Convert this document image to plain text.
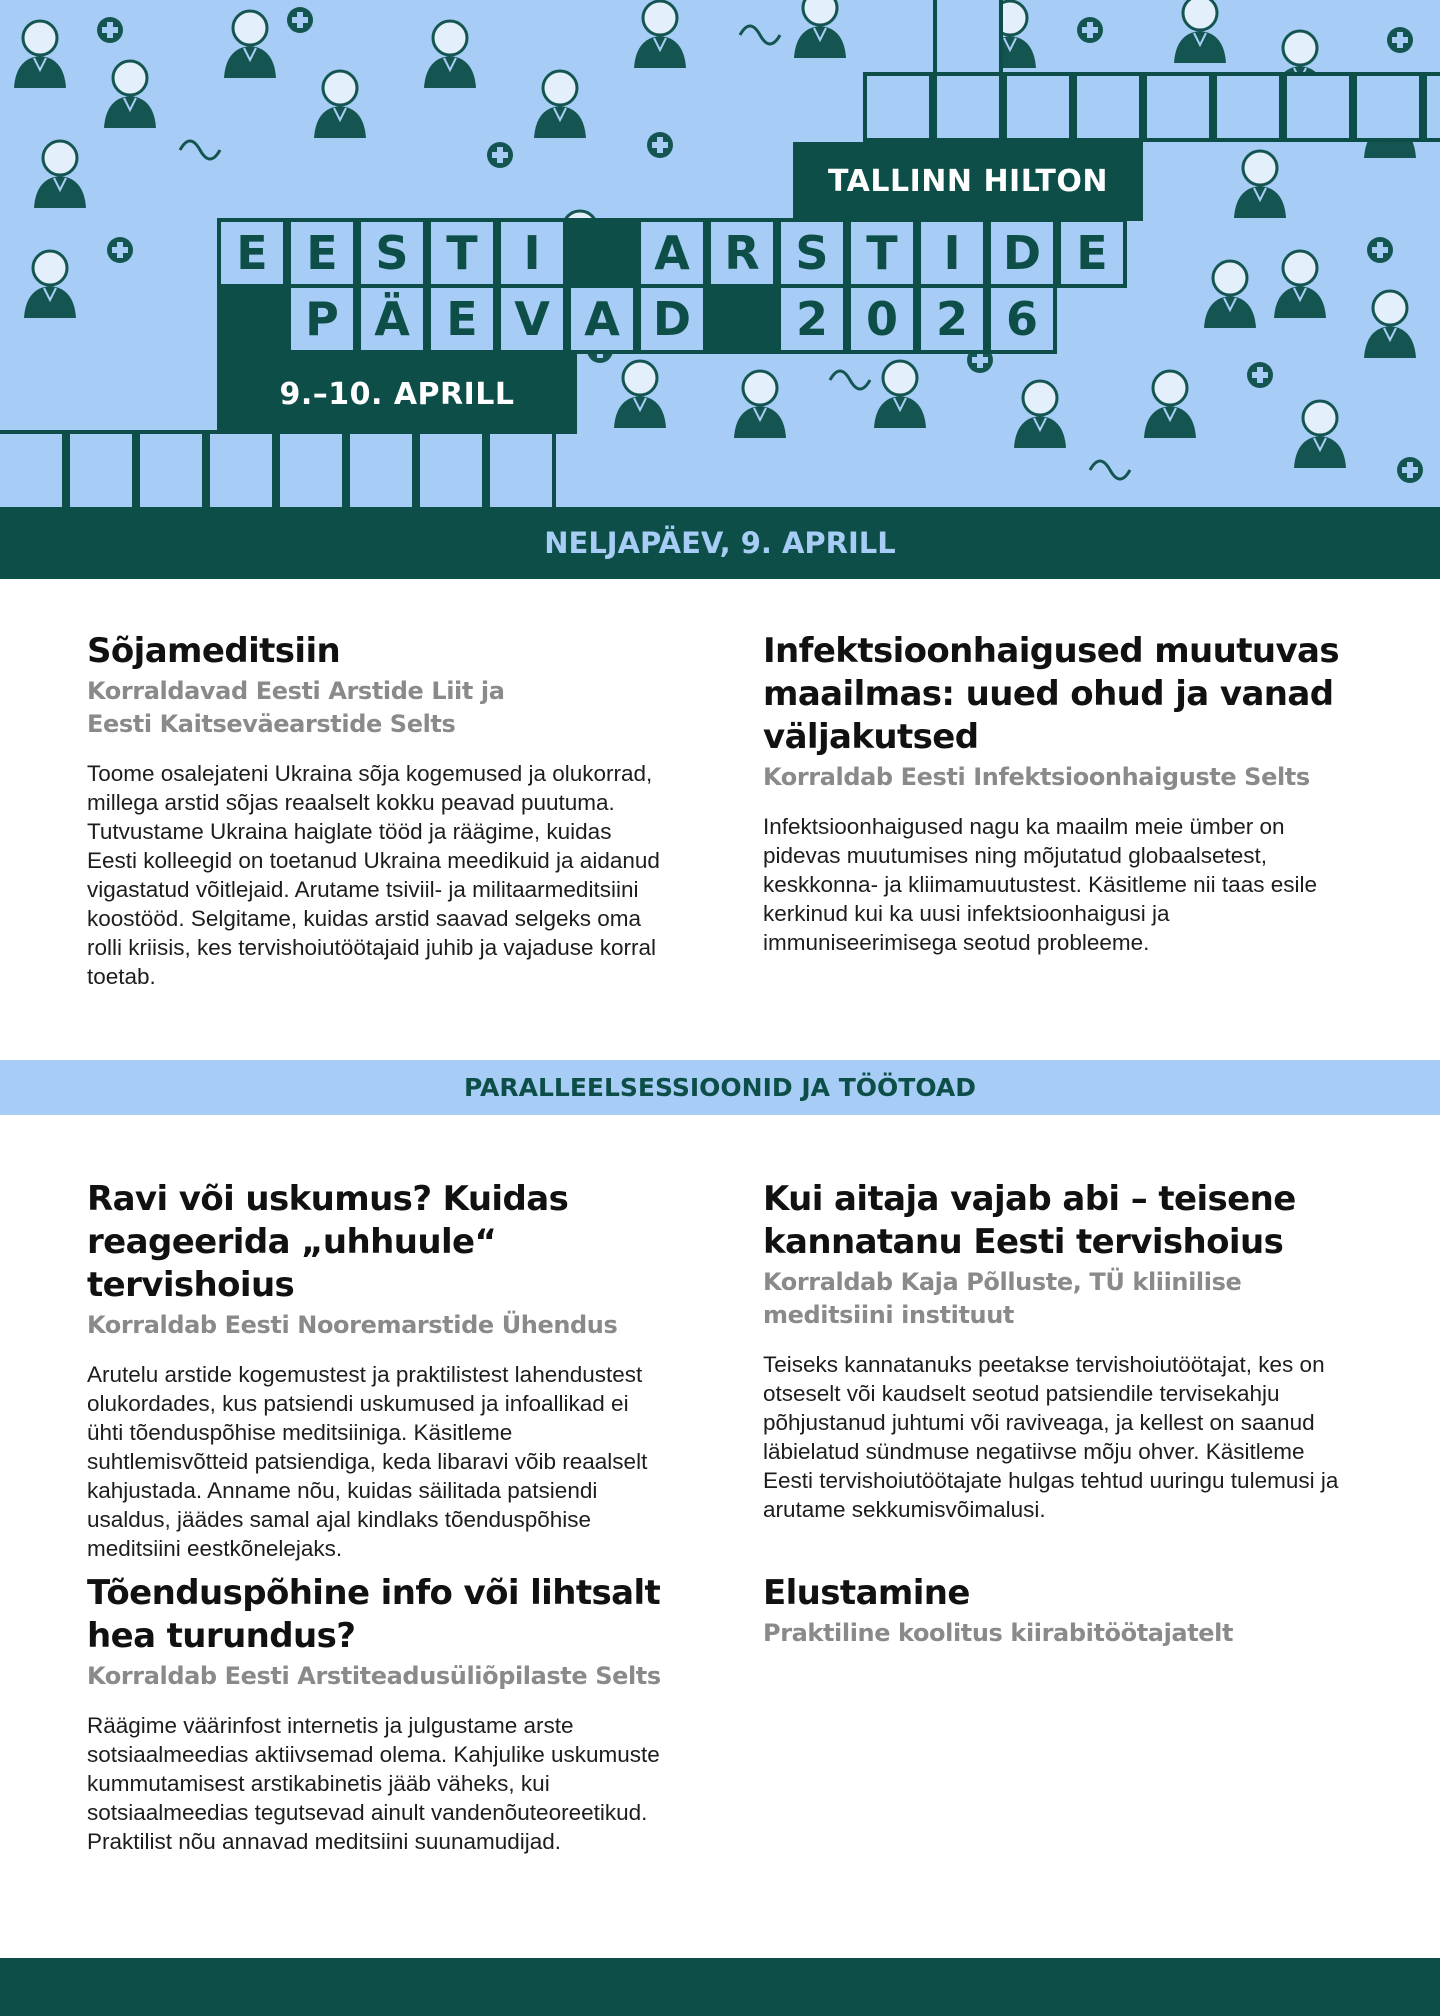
TALLINN HILTON
E E S T I	A R S T I D E
P Ä E V A D	2 0 2 6
9.–10. APRILL
NELJAPÄEV, 9. APRILL
Sõjameditsiin
Korraldavad Eesti Arstide Liit ja Eesti Kaitseväearstide Selts
Toome osalejateni Ukraina sõja kogemused ja olukorrad, millega arstid sõjas reaalselt kokku peavad puutuma. Tutvustame Ukraina haiglate tööd ja räägime, kuidas Eesti kolleegid on toetanud Ukraina meedikuid ja aidanud vigastatud võitlejaid. Arutame tsiviil- ja militaarmeditsiini koostööd. Selgitame, kuidas arstid saavad selgeks oma rolli kriisis, kes tervishoiutöötajaid juhib ja vajaduse korral toetab.
Infektsioonhaigused muutuvas maailmas: uued ohud ja vanad väljakutsed
Korraldab Eesti Infektsioonhaiguste Selts
Infektsioonhaigused nagu ka maailm meie ümber on pidevas muutumises ning mõjutatud globaalsetest, keskkonna- ja kliimamuutustest. Käsitleme nii taas esile kerkinud kui ka uusi infektsioonhaigusi ja immuniseerimisega seotud probleeme.
PARALLEELSESSIOONID JA TÖÖTOAD
Ravi või uskumus? Kuidas reageerida „uhhuule“ tervishoius
Korraldab Eesti Nooremarstide Ühendus
Arutelu arstide kogemustest ja praktilistest lahendustest olukordades, kus patsiendi uskumused ja infoallikad ei ühti tõenduspõhise meditsiiniga. Käsitleme suhtlemisvõtteid patsiendiga, keda libaravi võib reaalselt kahjustada. Anname nõu, kuidas säilitada patsiendi usaldus, jäädes samal ajal kindlaks tõenduspõhise meditsiini eestkõnelejaks.
Kui aitaja vajab abi – teisene kannatanu Eesti tervishoius
Korraldab Kaja Põlluste, TÜ kliinilise meditsiini instituut
Teiseks kannatanuks peetakse tervishoiutöötajat, kes on otseselt või kaudselt seotud patsiendile tervisekahju põhjustanud juhtumi või raviveaga, ja kellest on saanud läbielatud sündmuse negatiivse mõju ohver. Käsitleme Eesti tervishoiutöötajate hulgas tehtud uuringu tulemusi ja arutame sekkumisvõimalusi.
Tõenduspõhine info või lihtsalt hea turundus?
Korraldab Eesti Arstiteadusüliõpilaste Selts
Räägime väärinfost internetis ja julgustame arste sotsiaalmeedias aktiivsemad olema. Kahjulike uskumuste kummutamisest arstikabinetis jääb väheks, kui sotsiaalmeedias tegutsevad ainult vandenõuteoreetikud. Praktilist nõu annavad meditsiini suunamudijad.
Elustamine
Praktiline koolitus kiirabitöötajatelt
